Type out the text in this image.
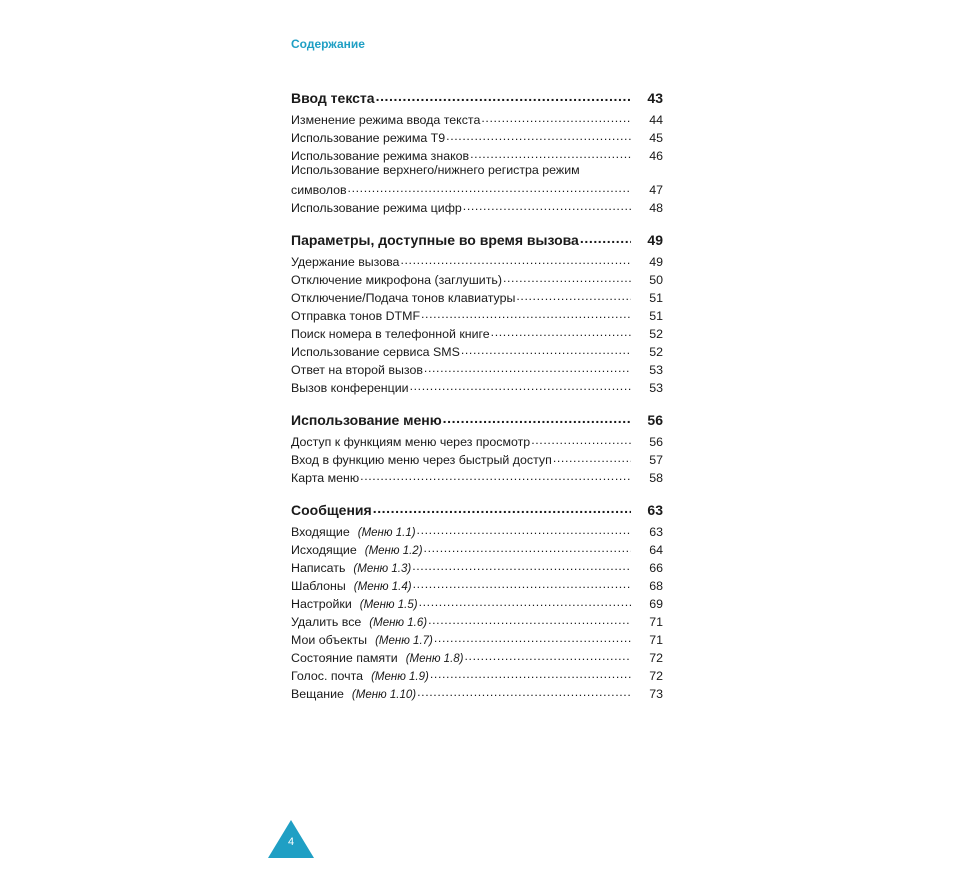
Содержание
Ввод текста .....	43
Изменение режима ввода текста .....	44
Использование режима T9 .....	45
Использование режима знаков .....	46
Использование верхнего/нижнего регистра режим
символов .....	47
Использование режима цифр .....	48
Параметры, доступные во время вызова .....	49
Удержание вызова .....	49
Отключение микрофона (заглушить) .....	50
Отключение/Подача тонов клавиатуры .....	51
Отправка тонов DTMF .....	51
Поиск номера в телефонной книге .....	52
Использование сервиса SMS .....	52
Ответ на второй вызов .....	53
Вызов конференции .....	53
Использование меню .....	56
Доступ к функциям меню через просмотр .....	56
Вход в функцию меню через быстрый доступ .....	57
Карта меню .....	58
Сообщения .....	63
Входящие (Меню 1.1) .....	63
Исходящие (Меню 1.2) .....	64
Написать (Меню 1.3) .....	66
Шаблоны (Меню 1.4) .....	68
Настройки (Меню 1.5) .....	69
Удалить все (Меню 1.6) .....	71
Мои объекты (Меню 1.7) .....	71
Состояние памяти (Меню 1.8) .....	72
Голос. почта (Меню 1.9) .....	72
Вещание (Меню 1.10) .....	73
4
